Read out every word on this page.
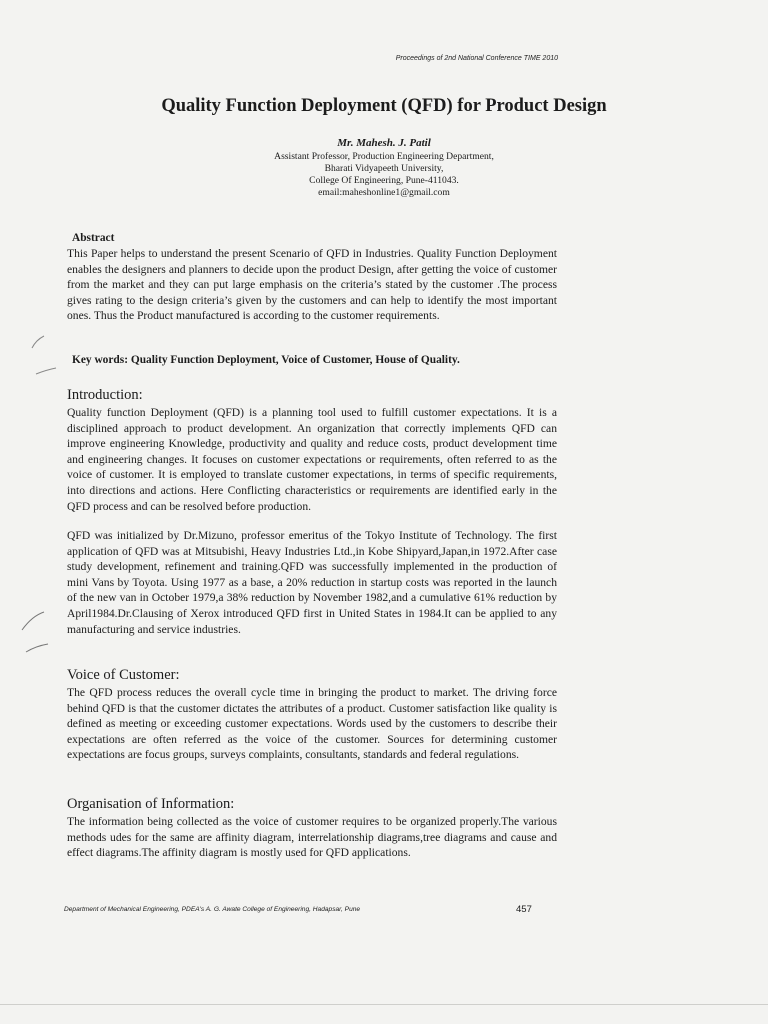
Proceedings of 2nd National Conference TIME 2010
Quality Function Deployment (QFD) for Product Design
Mr. Mahesh. J. Patil
Assistant Professor, Production Engineering Department,
Bharati Vidyapeeth University,
College Of Engineering, Pune-411043.
email:maheshonline1@gmail.com
Abstract

This Paper helps to understand the present Scenario of QFD in Industries. Quality Function Deployment enables the designers and planners to decide upon the product Design, after getting the voice of customer from the market and they can put large emphasis on the criteria’s stated by the customer .The process gives rating to the design criteria’s given by the customers and can help to identify the most important ones. Thus the Product manufactured is according to the customer requirements.

Key words: Quality Function Deployment, Voice of Customer, House of Quality.
Introduction:

Quality function Deployment (QFD) is a planning tool used to fulfill customer expectations. It is a disciplined approach to product development. An organization that correctly implements QFD can improve engineering Knowledge, productivity and quality and reduce costs, product development time and engineering changes. It focuses on customer expectations or requirements, often referred to as the voice of customer. It is employed to translate customer expectations, in terms of specific requirements, into directions and actions. Here Conflicting characteristics or requirements are identified early in the QFD process and can be resolved before production.

QFD was initialized by Dr.Mizuno, professor emeritus of the Tokyo Institute of Technology. The first application of QFD was at Mitsubishi, Heavy Industries Ltd.,in Kobe Shipyard,Japan,in 1972.After case study development, refinement and training.QFD was successfully implemented in the production of mini Vans by Toyota. Using 1977 as a base, a 20% reduction in startup costs was reported in the launch of the new van in October 1979,a 38% reduction by November 1982,and a cumulative 61% reduction by April1984.Dr.Clausing of Xerox introduced QFD first in United States in 1984.It can be applied to any manufacturing and service industries.

Voice of Customer:

The QFD process reduces the overall cycle time in bringing the product to market. The driving force behind QFD is that the customer dictates the attributes of a product. Customer satisfaction like quality is defined as meeting or exceeding customer expectations. Words used by the customers to describe their expectations are often referred as the voice of the customer. Sources for determining customer expectations are focus groups, surveys complaints, consultants, standards and federal regulations.

Organisation of Information:

The information being collected as the voice of customer requires to be organized properly.The various methods udes for the same are affinity diagram, interrelationship diagrams,tree diagrams and cause and effect diagrams.The affinity diagram is mostly used for QFD applications.

Department of Mechanical Engineering, PDEA's A. G. Awate College of Engineering, Hadapsar, Pune	457
